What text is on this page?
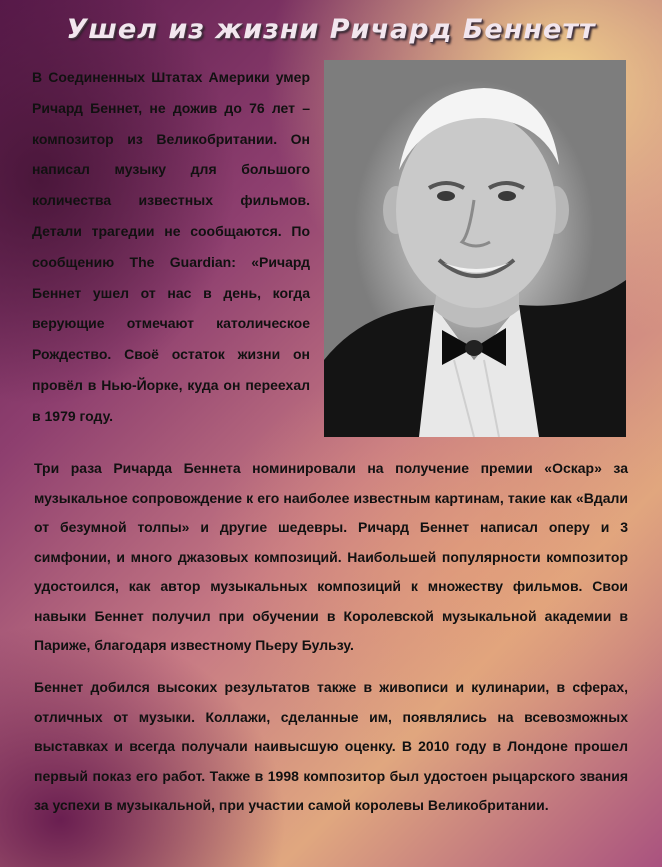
Ушел из жизни Ричард Беннетт
В Соединенных Штатах Америки умер Ричард Беннет, не дожив до 76 лет – композитор из Великобритании. Он написал музыку для большого количества известных фильмов. Детали трагедии не сообщаются. По сообщению The Guardian: «Ричард Беннет ушел от нас в день, когда верующие отмечают католическое Рождество. Своё остаток жизни он провёл в Нью-Йорке, куда он переехал в 1979 году.
Три раза Ричарда Беннета номинировали на получение премии «Оскар» за музыкальное сопровождение к его наиболее известным картинам, такие как «Вдали от безумной толпы» и другие шедевры. Ричард Беннет написал оперу и 3 симфонии, и много джазовых композиций. Наибольшей популярности композитор удостоился, как автор музыкальных композиций к множеству фильмов. Свои навыки Беннет получил при обучении в Королевской музыкальной академии в Париже, благодаря известному Пьеру Бульзу.
Беннет добился высоких результатов также в живописи и кулинарии, в сферах, отличных от музыки. Коллажи, сделанные им, появлялись на всевозможных выставках и всегда получали наивысшую оценку. В 2010 году в Лондоне прошел первый показ его работ. Также в 1998 композитор был удостоен рыцарского звания за успехи в музыкальной, при участии самой королевы Великобритании.
